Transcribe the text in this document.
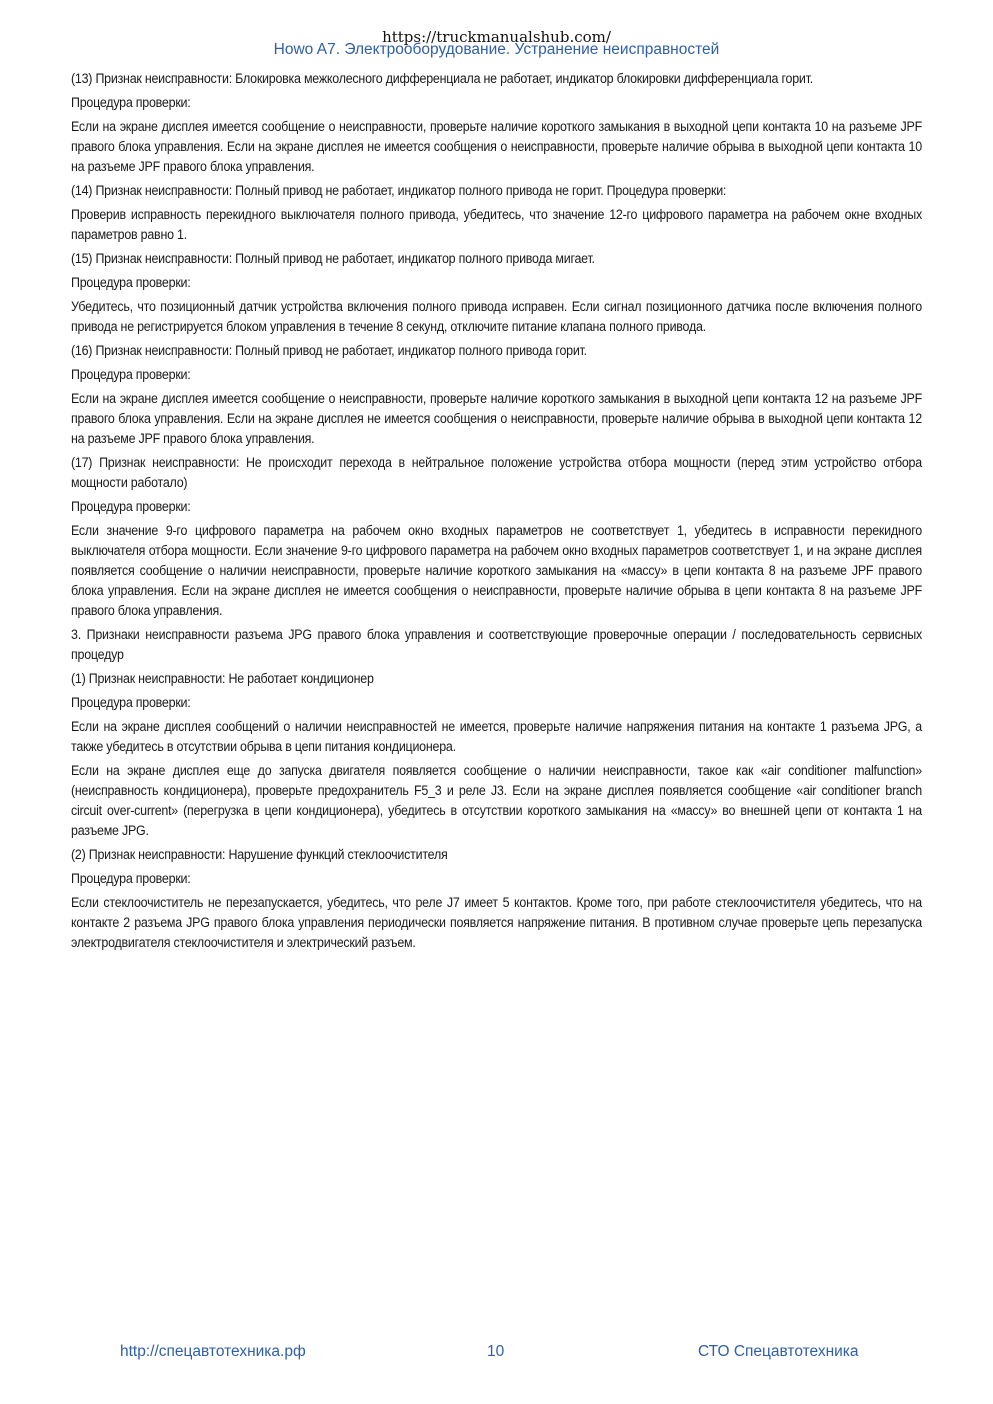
https://truckmanualshub.com/
Howo A7. Электрооборудование. Устранение неисправностей

(13) Признак неисправности: Блокировка межколесного дифференциала не работает, индикатор блокировки дифференциала горит.

Процедура проверки:

Если на экране дисплея имеется сообщение о неисправности, проверьте наличие короткого замыкания в выходной цепи контакта 10 на разъеме JPF правого блока управления. Если на экране дисплея не имеется сообщения о неисправности, проверьте наличие обрыва в выходной цепи контакта 10 на разъеме JPF правого блока управления.

(14) Признак неисправности: Полный привод не работает, индикатор полного привода не горит. Процедура проверки:

Проверив исправность перекидного выключателя полного привода, убедитесь, что значение 12-го цифрового параметра на рабочем окне входных параметров равно 1.

(15) Признак неисправности: Полный привод не работает, индикатор полного привода мигает.

Процедура проверки:

Убедитесь, что позиционный датчик устройства включения полного привода исправен. Если сигнал позиционного датчика после включения полного привода не регистрируется блоком управления в течение 8 секунд, отключите питание клапана полного привода.

(16) Признак неисправности: Полный привод не работает, индикатор полного привода горит.

Процедура проверки:

Если на экране дисплея имеется сообщение о неисправности, проверьте наличие короткого замыкания в выходной цепи контакта 12 на разъеме JPF правого блока управления. Если на экране дисплея не имеется сообщения о неисправности, проверьте наличие обрыва в выходной цепи контакта 12 на разъеме JPF правого блока управления.

(17) Признак неисправности: Не происходит перехода в нейтральное положение устройства отбора мощности (перед этим устройство отбора мощности работало)

Процедура проверки:

Если значение 9-го цифрового параметра на рабочем окно входных параметров не соответствует 1, убедитесь в исправности перекидного выключателя отбора мощности. Если значение 9-го цифрового параметра на рабочем окно входных параметров соответствует 1, и на экране дисплея появляется сообщение о наличии неисправности, проверьте наличие короткого замыкания на «массу» в цепи контакта 8 на разъеме JPF правого блока управления. Если на экране дисплея не имеется сообщения о неисправности, проверьте наличие обрыва в цепи контакта 8 на разъеме JPF правого блока управления.

3. Признаки неисправности разъема JPG правого блока управления и соответствующие проверочные операции / последовательность сервисных процедур

(1) Признак неисправности: Не работает кондиционер

Процедура проверки:

Если на экране дисплея сообщений о наличии неисправностей не имеется, проверьте наличие напряжения питания на контакте 1 разъема JPG, а также убедитесь в отсутствии обрыва в цепи питания кондиционера.

Если на экране дисплея еще до запуска двигателя появляется сообщение о наличии неисправности, такое как «air conditioner malfunction» (неисправность кондиционера), проверьте предохранитель F5_3 и реле J3. Если на экране дисплея появляется сообщение «air conditioner branch circuit over-current» (перегрузка в цепи кондиционера), убедитесь в отсутствии короткого замыкания на «массу» во внешней цепи от контакта 1 на разъеме JPG.

(2) Признак неисправности: Нарушение функций стеклоочистителя

Процедура проверки:

Если стеклоочиститель не перезапускается, убедитесь, что реле J7 имеет 5 контактов. Кроме того, при работе стеклоочистителя убедитесь, что на контакте 2 разъема JPG правого блока управления периодически появляется напряжение питания. В противном случае проверьте цепь перезапуска электродвигателя стеклоочистителя и электрический разъем.

http://спецавтотехника.рф	10	СТО Спецавтотехника
